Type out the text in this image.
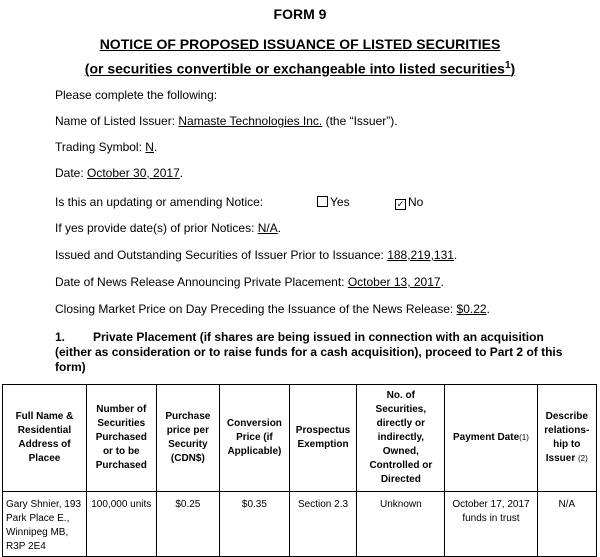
FORM 9
NOTICE OF PROPOSED ISSUANCE OF LISTED SECURITIES
(or securities convertible or exchangeable into listed securities$^1$)
Please complete the following:
Name of Listed Issuer: Namaste Technologies Inc. (the “Issuer”).
Trading Symbol: N.
Date: October 30, 2017.
Is this an updating or amending Notice:	Yes	✓ No
If yes provide date(s) of prior Notices: N/A.
Issued and Outstanding Securities of Issuer Prior to Issuance: 188,219,131.
Date of News Release Announcing Private Placement: October 13, 2017.
Closing Market Price on Day Preceding the Issuance of the News Release: $0.22.
1. Private Placement (if shares are being issued in connection with an acquisition (either as consideration or to raise funds for a cash acquisition), proceed to Part 2 of this form)
Full Name & Residential Address of Placee	Number of Securities Purchased or to be Purchased	Purchase price per Security (CDN$)	Conversion Price (if Applicable)	Prospectus Exemption	No. of Securities, directly or indirectly, Owned, Controlled or Directed	Payment Date(1)	Describe relations-hip to Issuer (2)
Gary Shnier, 193 Park Place E., Winnipeg MB, R3P 2E4	100,000 units	$0.25	$0.35	Section 2.3	Unknown	October 17, 2017 funds in trust	N/A
